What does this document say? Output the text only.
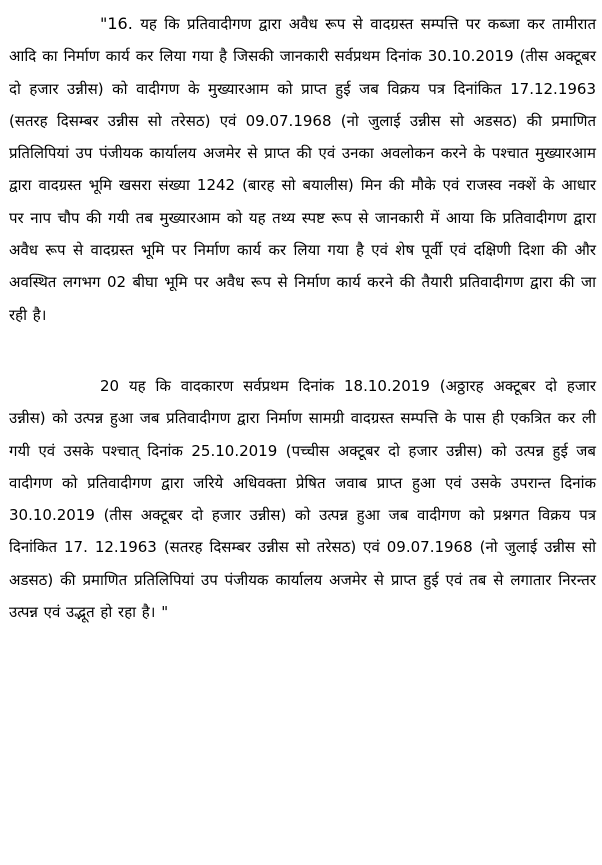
"16. यह कि प्रतिवादीगण द्वारा अवैध रूप से वादग्रस्त सम्पत्ति पर कब्जा कर तामीरात आदि का निर्माण कार्य कर लिया गया है जिसकी जानकारी सर्वप्रथम दिनांक 30.10.2019 (तीस अक्टूबर दो हजार उन्नीस) को वादीगण के मुख्यारआम को प्राप्त हुई जब विक्रय पत्र दिनांकित 17.12.1963 (सतरह दिसम्बर उन्नीस सो तरेसठ) एवं 09.07.1968 (नो जुलाई उन्नीस सो अडसठ) की प्रमाणित प्रतिलिपियां उप पंजीयक कार्यालय अजमेर से प्राप्त की एवं उनका अवलोकन करने के पश्चात मुख्यारआम द्वारा वादग्रस्त भूमि खसरा संख्या 1242 (बारह सो बयालीस) मिन की मौके एवं राजस्व नक्शें के आधार पर नाप चौप की गयी तब मुख्यारआम को यह तथ्य स्पष्ट रूप से जानकारी में आया कि प्रतिवादीगण द्वारा अवैध रूप से वादग्रस्त भूमि पर निर्माण कार्य कर लिया गया है एवं शेष पूर्वी एवं दक्षिणी दिशा की और अवस्थित लगभग 02 बीघा भूमि पर अवैध रूप से निर्माण कार्य करने की तैयारी प्रतिवादीगण द्वारा की जा रही है।

20 यह कि वादकारण सर्वप्रथम दिनांक 18.10.2019 (अठ्ठारह अक्टूबर दो हजार उन्नीस) को उत्पन्न हुआ जब प्रतिवादीगण द्वारा निर्माण सामग्री वादग्रस्त सम्पत्ति के पास ही एकत्रित कर ली गयी एवं उसके पश्चात् दिनांक 25.10.2019 (पच्चीस अक्टूबर दो हजार उन्नीस) को उत्पन्न हुई जब वादीगण को प्रतिवादीगण द्वारा जरिये अधिवक्ता प्रेषित जवाब प्राप्त हुआ एवं उसके उपरान्त दिनांक 30.10.2019 (तीस अक्टूबर दो हजार उन्नीस) को उत्पन्न हुआ जब वादीगण को प्रश्नगत विक्रय पत्र दिनांकित 17. 12.1963 (सतरह दिसम्बर उन्नीस सो तरेसठ) एवं 09.07.1968 (नो जुलाई उन्नीस सो अडसठ) की प्रमाणित प्रतिलिपियां उप पंजीयक कार्यालय अजमेर से प्राप्त हुई एवं तब से लगातार निरन्तर उत्पन्न एवं उद्भूत हो रहा है। "
